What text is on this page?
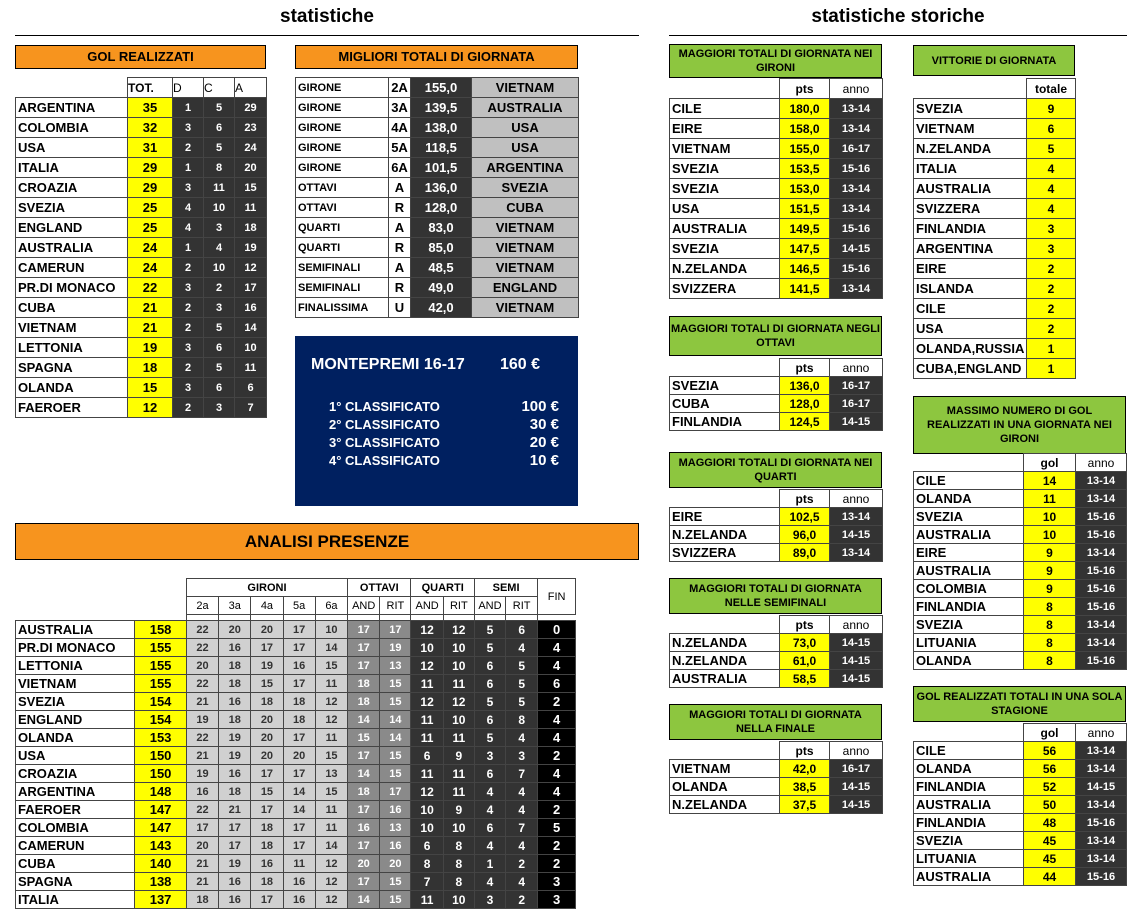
statistiche	statistiche storiche
GOL REALIZZATI
	TOT.	D	C	A
ARGENTINA	35	1	5	29
COLOMBIA	32	3	6	23
USA	31	2	5	24
ITALIA	29	1	8	20
CROAZIA	29	3	11	15
SVEZIA	25	4	10	11
ENGLAND	25	4	3	18
AUSTRALIA	24	1	4	19
CAMERUN	24	2	10	12
PR.DI MONACO	22	3	2	17
CUBA	21	2	3	16
VIETNAM	21	2	5	14
LETTONIA	19	3	6	10
SPAGNA	18	2	5	11
OLANDA	15	3	6	6
FAEROER	12	2	3	7
MIGLIORI TOTALI DI GIORNATA
GIRONE	2A	155,0	VIETNAM
GIRONE	3A	139,5	AUSTRALIA
GIRONE	4A	138,0	USA
GIRONE	5A	118,5	USA
GIRONE	6A	101,5	ARGENTINA
OTTAVI	A	136,0	SVEZIA
OTTAVI	R	128,0	CUBA
QUARTI	A	83,0	VIETNAM
QUARTI	R	85,0	VIETNAM
SEMIFINALI	A	48,5	VIETNAM
SEMIFINALI	R	49,0	ENGLAND
FINALISSIMA	U	42,0	VIETNAM
MONTEPREMI 16-17 160 €
1° CLASSIFICATO	100 €
2° CLASSIFICATO	30 €
3° CLASSIFICATO	20 €
4° CLASSIFICATO	10 €
ANALISI PRESENZE
		GIRONI					OTTAVI		QUARTI		SEMI		FIN
		2a	3a	4a	5a	6a	AND	RIT	AND	RIT	AND	RIT	

AUSTRALIA	158	22	20	20	17	10	17	17	12	12	5	6	0
PR.DI MONACO	155	22	16	17	17	14	17	19	10	10	5	4	4
LETTONIA	155	20	18	19	16	15	17	13	12	10	6	5	4
VIETNAM	155	22	18	15	17	11	18	15	11	11	6	5	6
SVEZIA	154	21	16	18	18	12	18	15	12	12	5	5	2
ENGLAND	154	19	18	20	18	12	14	14	11	10	6	8	4
OLANDA	153	22	19	20	17	11	15	14	11	11	5	4	4
USA	150	21	19	20	20	15	17	15	6	9	3	3	2
CROAZIA	150	19	16	17	17	13	14	15	11	11	6	7	4
ARGENTINA	148	16	18	15	14	15	18	17	12	11	4	4	4
FAEROER	147	22	21	17	14	11	17	16	10	9	4	4	2
COLOMBIA	147	17	17	18	17	11	16	13	10	10	6	7	5
CAMERUN	143	20	17	18	17	14	17	16	6	8	4	4	2
CUBA	140	21	19	16	11	12	20	20	8	8	1	2	2
SPAGNA	138	21	16	18	16	12	17	15	7	8	4	4	3
ITALIA	137	18	16	17	16	12	14	15	11	10	3	2	3
MAGGIORI TOTALI DI GIORNATA NEI GIRONI
	pts	anno
CILE	180,0	13-14
EIRE	158,0	13-14
VIETNAM	155,0	16-17
SVEZIA	153,5	15-16
SVEZIA	153,0	13-14
USA	151,5	13-14
AUSTRALIA	149,5	15-16
SVEZIA	147,5	14-15
N.ZELANDA	146,5	15-16
SVIZZERA	141,5	13-14
MAGGIORI TOTALI DI GIORNATA NEGLI OTTAVI
	pts	anno
SVEZIA	136,0	16-17
CUBA	128,0	16-17
FINLANDIA	124,5	14-15
MAGGIORI TOTALI DI GIORNATA NEI QUARTI
	pts	anno
EIRE	102,5	13-14
N.ZELANDA	96,0	14-15
SVIZZERA	89,0	13-14
MAGGIORI TOTALI DI GIORNATA NELLE SEMIFINALI
	pts	anno
N.ZELANDA	73,0	14-15
N.ZELANDA	61,0	14-15
AUSTRALIA	58,5	14-15
MAGGIORI TOTALI DI GIORNATA NELLA FINALE
	pts	anno
VIETNAM	42,0	16-17
OLANDA	38,5	14-15
N.ZELANDA	37,5	14-15
VITTORIE DI GIORNATA
	totale
SVEZIA	9
VIETNAM	6
N.ZELANDA	5
ITALIA	4
AUSTRALIA	4
SVIZZERA	4
FINLANDIA	3
ARGENTINA	3
EIRE	2
ISLANDA	2
CILE	2
USA	2
OLANDA,RUSSIA	1
CUBA,ENGLAND	1
MASSIMO NUMERO DI GOL REALIZZATI IN UNA GIORNATA NEI GIRONI
	gol	anno
CILE	14	13-14
OLANDA	11	13-14
SVEZIA	10	15-16
AUSTRALIA	10	15-16
EIRE	9	13-14
AUSTRALIA	9	15-16
COLOMBIA	9	15-16
FINLANDIA	8	15-16
SVEZIA	8	13-14
LITUANIA	8	13-14
OLANDA	8	15-16
GOL REALIZZATI TOTALI IN UNA SOLA STAGIONE
	gol	anno
CILE	56	13-14
OLANDA	56	13-14
FINLANDIA	52	14-15
AUSTRALIA	50	13-14
FINLANDIA	48	15-16
SVEZIA	45	13-14
LITUANIA	45	13-14
AUSTRALIA	44	15-16
